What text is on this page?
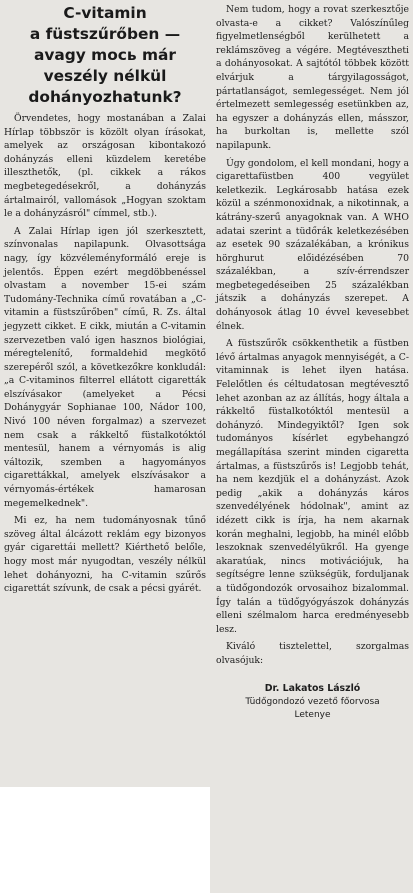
C-vitamin
a füstszűrőben —
avagy mось már
veszély nélkül
dohányozhatunk?

Örvendetes, hogy mostanában a Zalai Hírlap többször is közölt olyan írásokat, amelyek az országosan kibontakozó dohányzás elleni küzdelem keretébe illeszthetők, (pl. cikkek a rákos megbetegedésekről, a dohányzás ártalmairól, vallomások „Hogyan szoktam le a dohányzásról" címmel, stb.).

A Zalai Hírlap igen jól szerkesztett, színvonalas napilapunk. Olvasottsága nagy, így közvéleményformáló ereje is jelentős. Éppen ezért megdöbbenéssel olvastam a november 15-ei szám Tudomány-Technika című rovatában a „C-vitamin a füstszűrőben" című, R. Zs. által jegyzett cikket. E cikk, miután a C-vitamin szervezetben való igen hasznos biológiai, méregtelenítő, formaldehid megkötő szerepéről szól, a következőkre konkludál: „a C-vitaminos filterrel ellátott cigaretták elszívásakor (amelyeket a Pécsi Dohánygyár Sophianae 100, Nádor 100, Nivó 100 néven forgalmaz) a szervezet nem csak a rákkeltő füstalkotóktól mentesül, hanem a vérnyomás is alig változik, szemben a hagyományos cigarettákkal, amelyek elszívásakor a vérnyomás-értékek hamarosan megemelkednek".

Mi ez, ha nem tudományosnak tűnő szöveg által álcázott reklám egy bizonyos gyár cigarettái mellett? Kiérthető belőle, hogy most már nyugodtan, veszély nélkül lehet dohányozni, ha C-vitamin szűrős cigarettát szívunk, de csak a pécsi gyárét.

Nem tudom, hogy a rovat szerkesztője olvasta-e a cikket? Valószínűleg figyelmetlenségből kerülhetett a reklámszöveg a végére. Megtévesztheti a dohányosokat. A sajtótól többek között elvárjuk a tárgyilagosságot, pártatlanságot, semlegességet. Nem jól értelmezett semlegesség esetünkben az, ha egyszer a dohányzás ellen, másszor, ha burkoltan is, mellette szól napilapunk.

Úgy gondolom, el kell mondani, hogy a cigarettafüstben 400 vegyület keletkezik. Legkárosabb hatása ezek közül a szénmonoxidnak, a nikotinnak, a kátrány-szerű anyagoknak van. A WHO adatai szerint a tüdőrák keletkezésében az esetek 90 százalékában, a krónikus hörghurut előidézésében 70 százalékban, a szív-érrendszer megbetegedéseiben 25 százalékban játszik a dohányzás szerepet. A dohányosok átlag 10 évvel kevesebbet élnek.

A füstszűrők csökkenthetik a füstben lévő ártalmas anyagok mennyiségét, a C-vitaminnak is lehet ilyen hatása. Felelőtlen és céltudatosan megtévesztő lehet azonban az az állítás, hogy általa a rákkeltő füstalkotóktól mentesül a dohányzó. Mindegyiktől? Igen sok tudományos kísérlet egybehangzó megállapítása szerint minden cigaretta ártalmas, a füstszűrős is! Legjobb tehát, ha nem kezdjük el a dohányzást. Azok pedig „akik a dohányzás káros szenvedélyének hódolnak", amint az idézett cikk is írja, ha nem akarnak korán meghalni, legjobb, ha minél előbb leszoknak szenvedélyükről. Ha gyenge akaratúak, nincs motivációjuk, ha segítségre lenne szükségük, forduljanak a tüdőgondozók orvosaihoz bizalommal. Így talán a tüdőgyógyászok dohányzás elleni szélmalom harca eredményesebb lesz.

Kiváló tisztelettel, szorgalmas olvasójuk:

Dr. Lakatos László
Tüdőgondozó vezető főorvosa
Letenye
